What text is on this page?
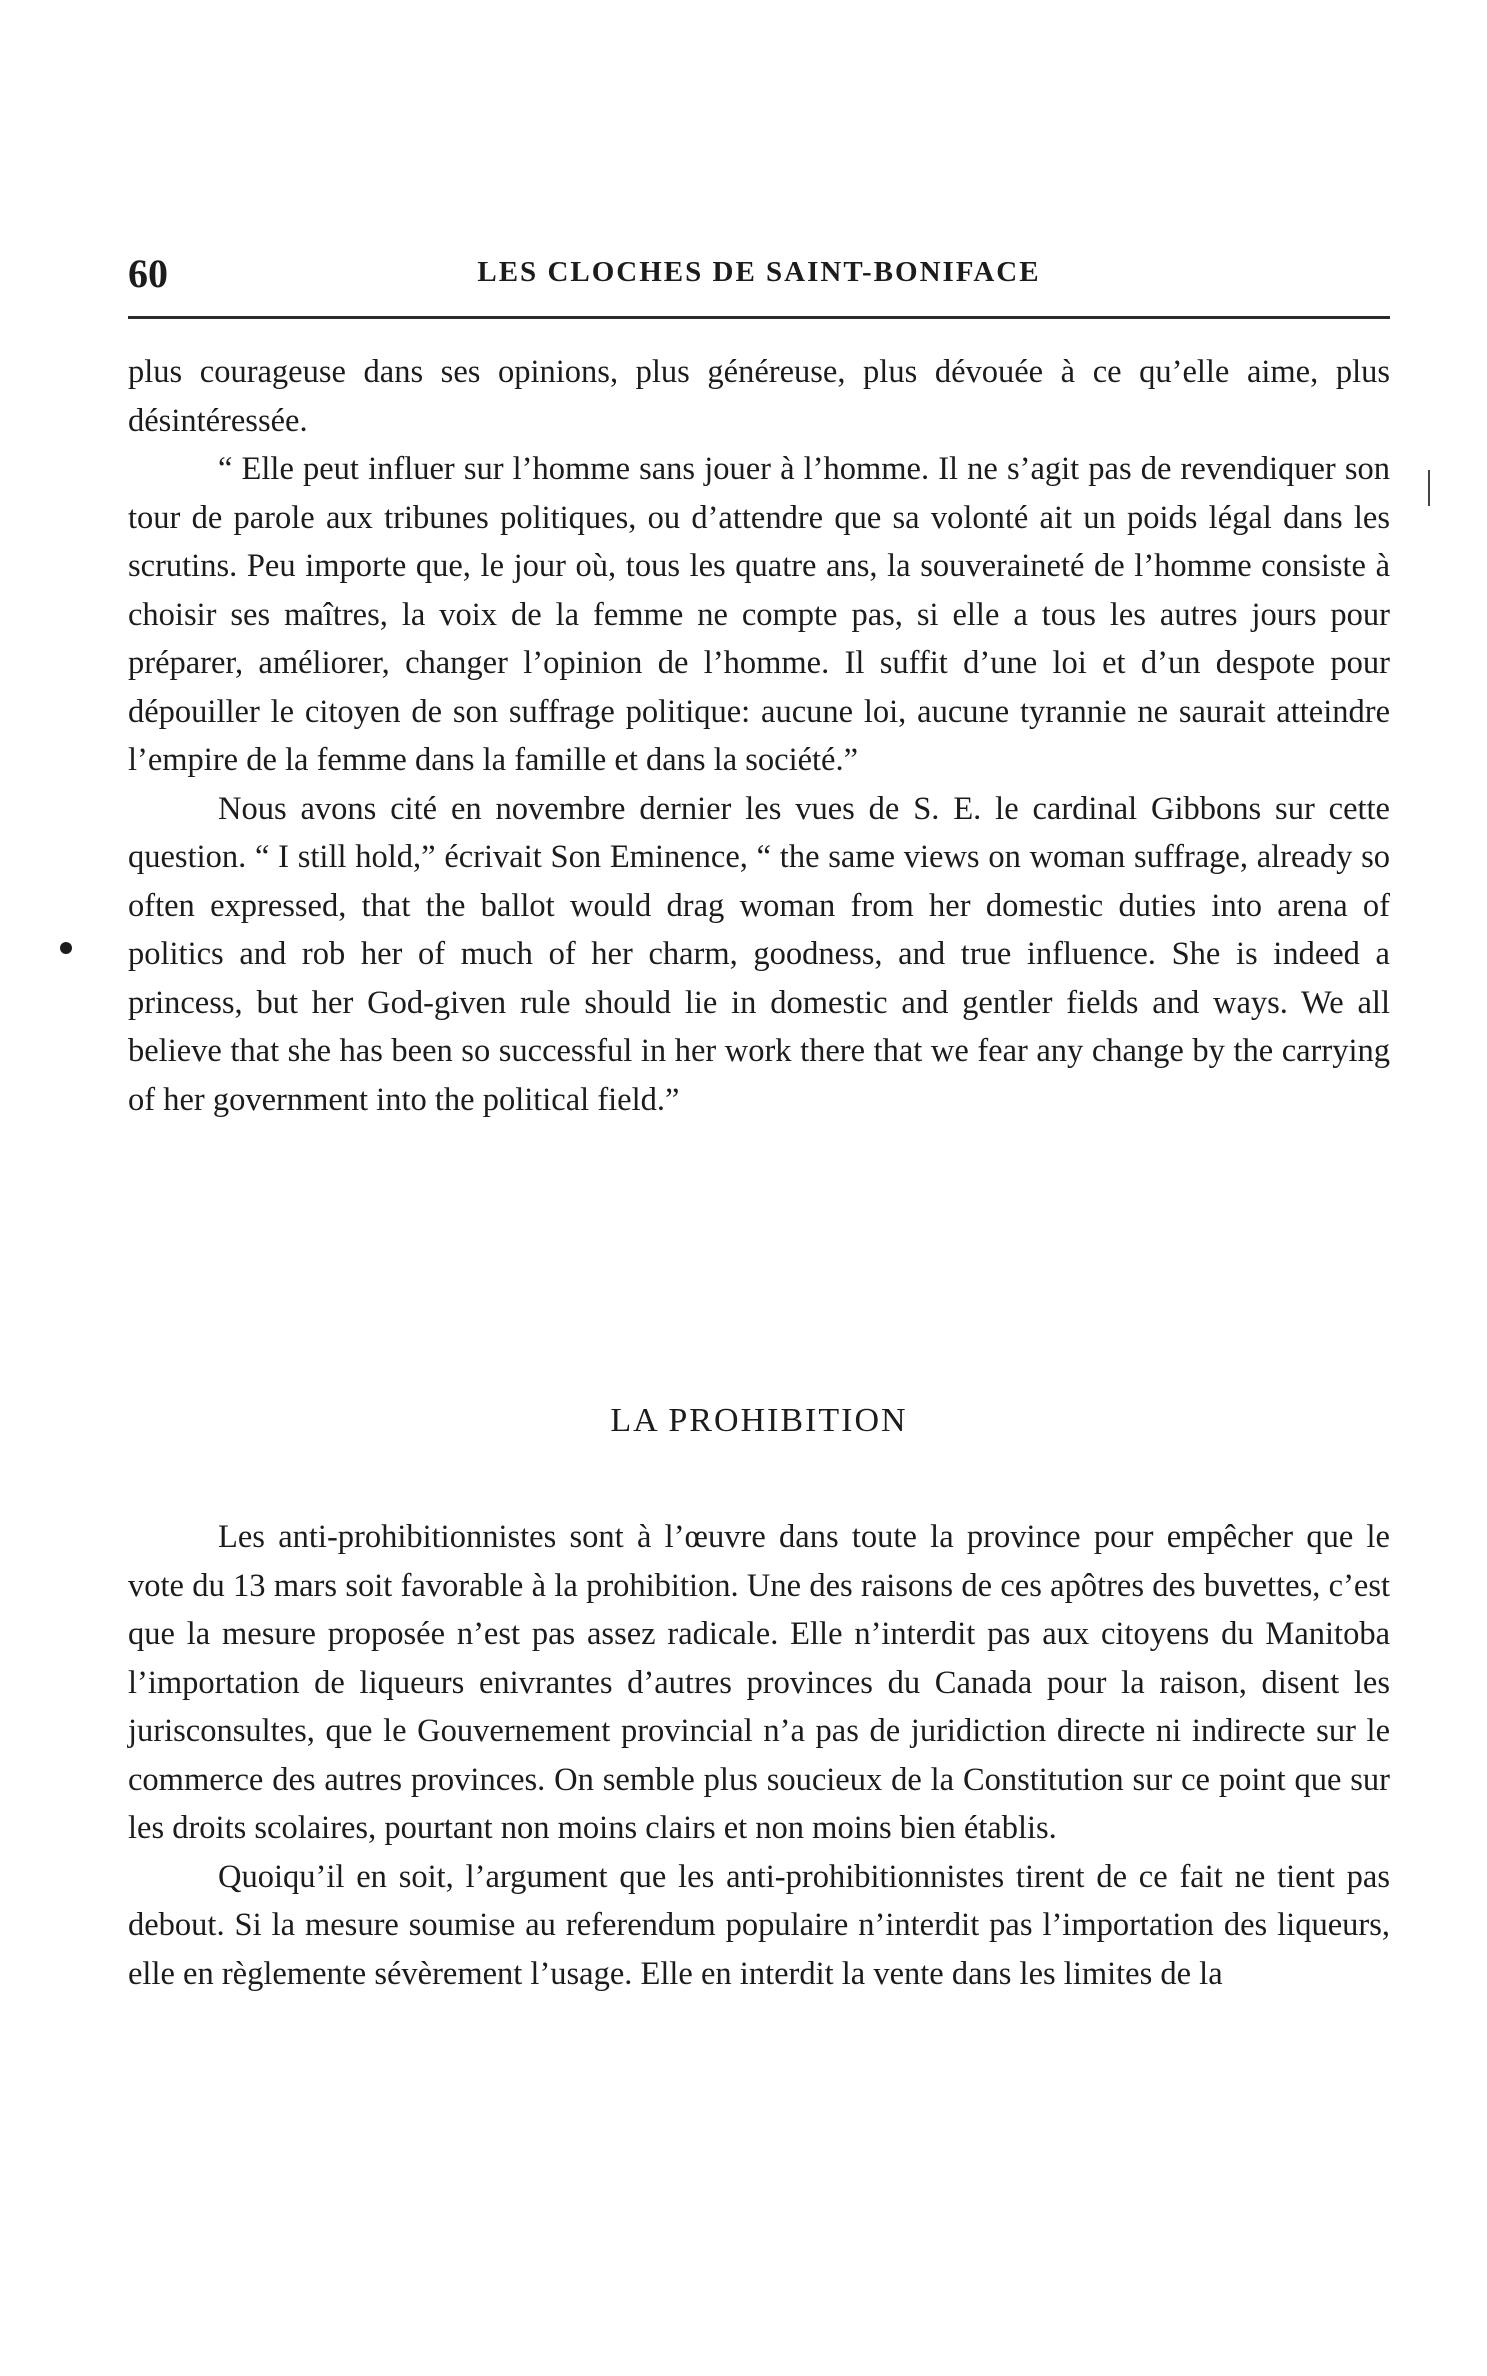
60	LES CLOCHES DE SAINT-BONIFACE

plus courageuse dans ses opinions, plus généreuse, plus dévouée à ce qu’elle aime, plus désintéressée.

“ Elle peut influer sur l’homme sans jouer à l’homme. Il ne s’agit pas de revendiquer son tour de parole aux tribunes politiques, ou d’attendre que sa volonté ait un poids légal dans les scrutins. Peu importe que, le jour où, tous les quatre ans, la souveraineté de l’homme consiste à choisir ses maîtres, la voix de la femme ne compte pas, si elle a tous les autres jours pour préparer, améliorer, changer l’opinion de l’homme. Il suffit d’une loi et d’un despote pour dépouiller le citoyen de son suffrage politique: aucune loi, aucune tyrannie ne saurait atteindre l’empire de la femme dans la famille et dans la société.”

Nous avons cité en novembre dernier les vues de S. E. le cardinal Gibbons sur cette question. “ I still hold,” écrivait Son Eminence, “ the same views on woman suffrage, already so often expressed, that the ballot would drag woman from her domestic duties into arena of politics and rob her of much of her charm, goodness, and true influence. She is indeed a princess, but her God-given rule should lie in domestic and gentler fields and ways. We all believe that she has been so successful in her work there that we fear any change by the carrying of her government into the political field.”

LA PROHIBITION

Les anti-prohibitionnistes sont à l’œuvre dans toute la province pour empêcher que le vote du 13 mars soit favorable à la prohibition. Une des raisons de ces apôtres des buvettes, c’est que la mesure proposée n’est pas assez radicale. Elle n’interdit pas aux citoyens du Manitoba l’importation de liqueurs enivrantes d’autres provinces du Canada pour la raison, disent les jurisconsultes, que le Gouvernement provincial n’a pas de juridiction directe ni indirecte sur le commerce des autres provinces. On semble plus soucieux de la Constitution sur ce point que sur les droits scolaires, pourtant non moins clairs et non moins bien établis.

Quoiqu’il en soit, l’argument que les anti-prohibitionnistes tirent de ce fait ne tient pas debout. Si la mesure soumise au referendum populaire n’interdit pas l’importation des liqueurs, elle en règlemente sévèrement l’usage. Elle en interdit la vente dans les limites de la
